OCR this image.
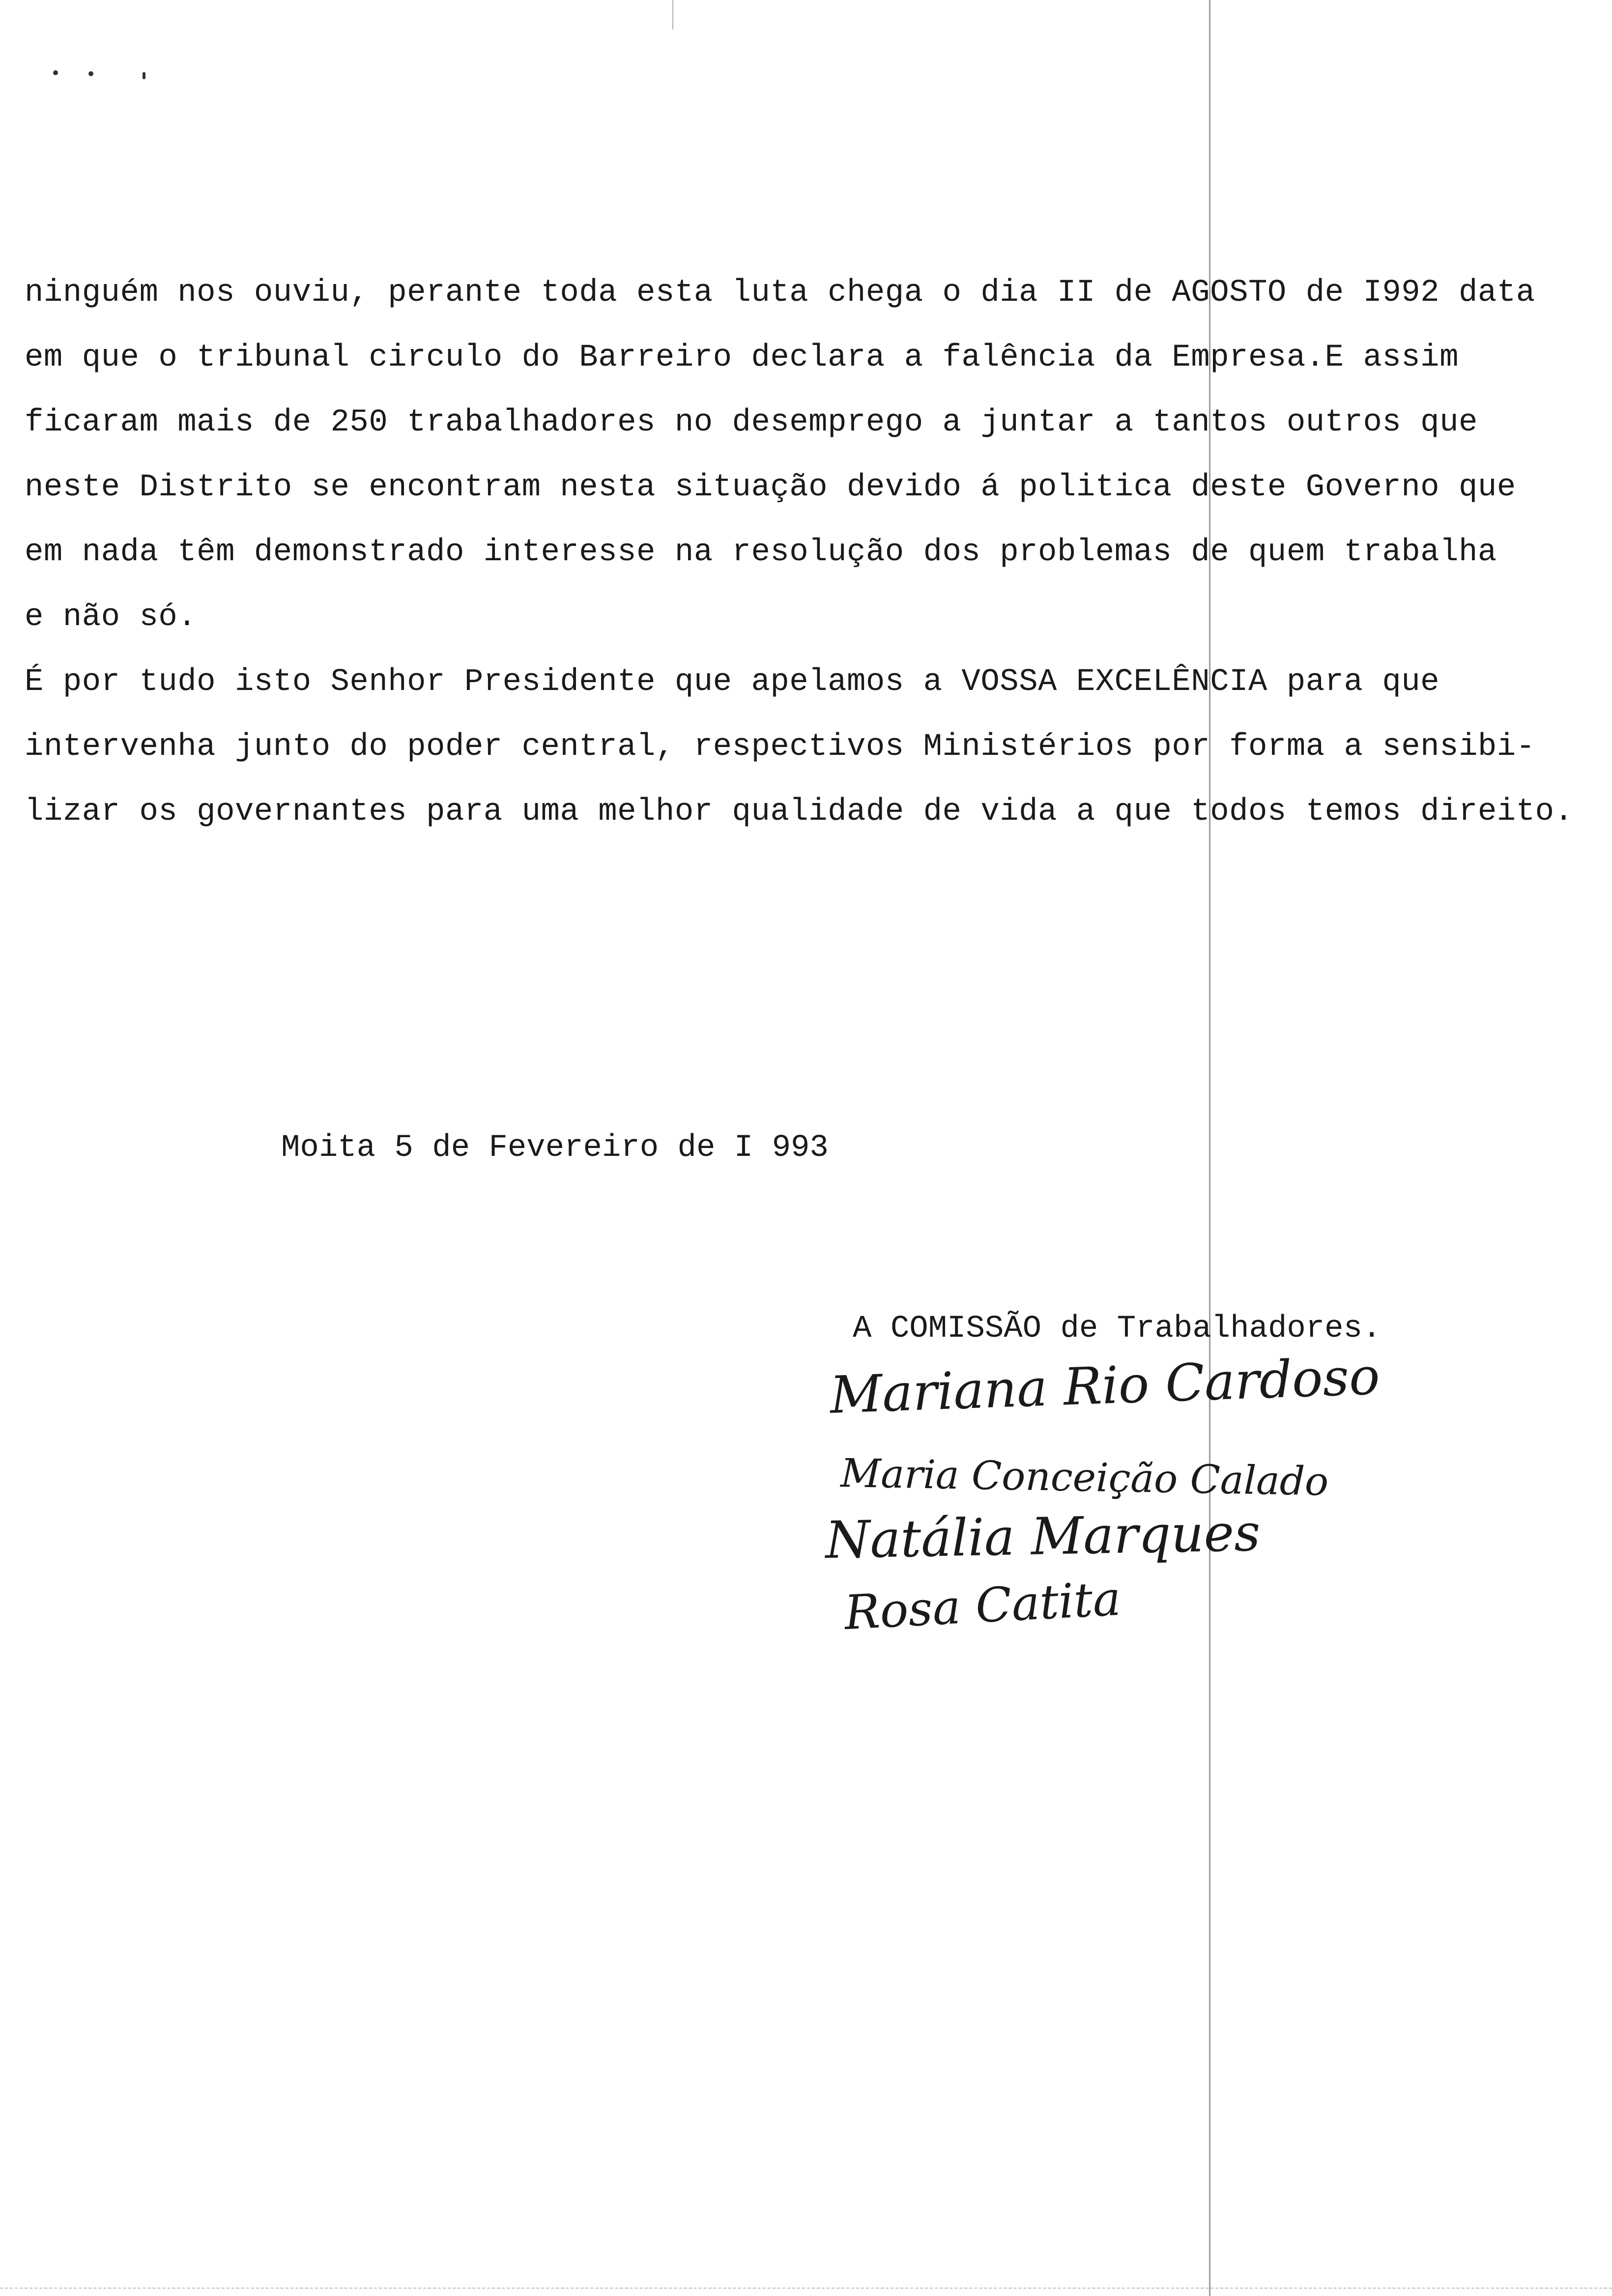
ninguém nos ouviu, perante toda esta luta chega o dia II de AGOSTO de I992 data
em que o tribunal circulo do Barreiro declara a falência da Empresa.E assim
ficaram mais de 250 trabalhadores no desemprego a juntar a tantos outros que
neste Distrito se encontram nesta situação devido á politica deste Governo que
em nada têm demonstrado interesse na resolução dos problemas de quem trabalha
e não só.
É por tudo isto Senhor Presidente que apelamos a VOSSA EXCELÊNCIA para que
intervenha junto do poder central, respectivos Ministérios por forma a sensibi-
lizar os governantes para uma melhor qualidade de vida a que todos temos direito.
Moita 5 de Fevereiro de I 993
A COMISSÃO de Trabalhadores.
Mariana Rio Cardoso
Maria Conceição Calado
Natália Marques
Rosa Catita
